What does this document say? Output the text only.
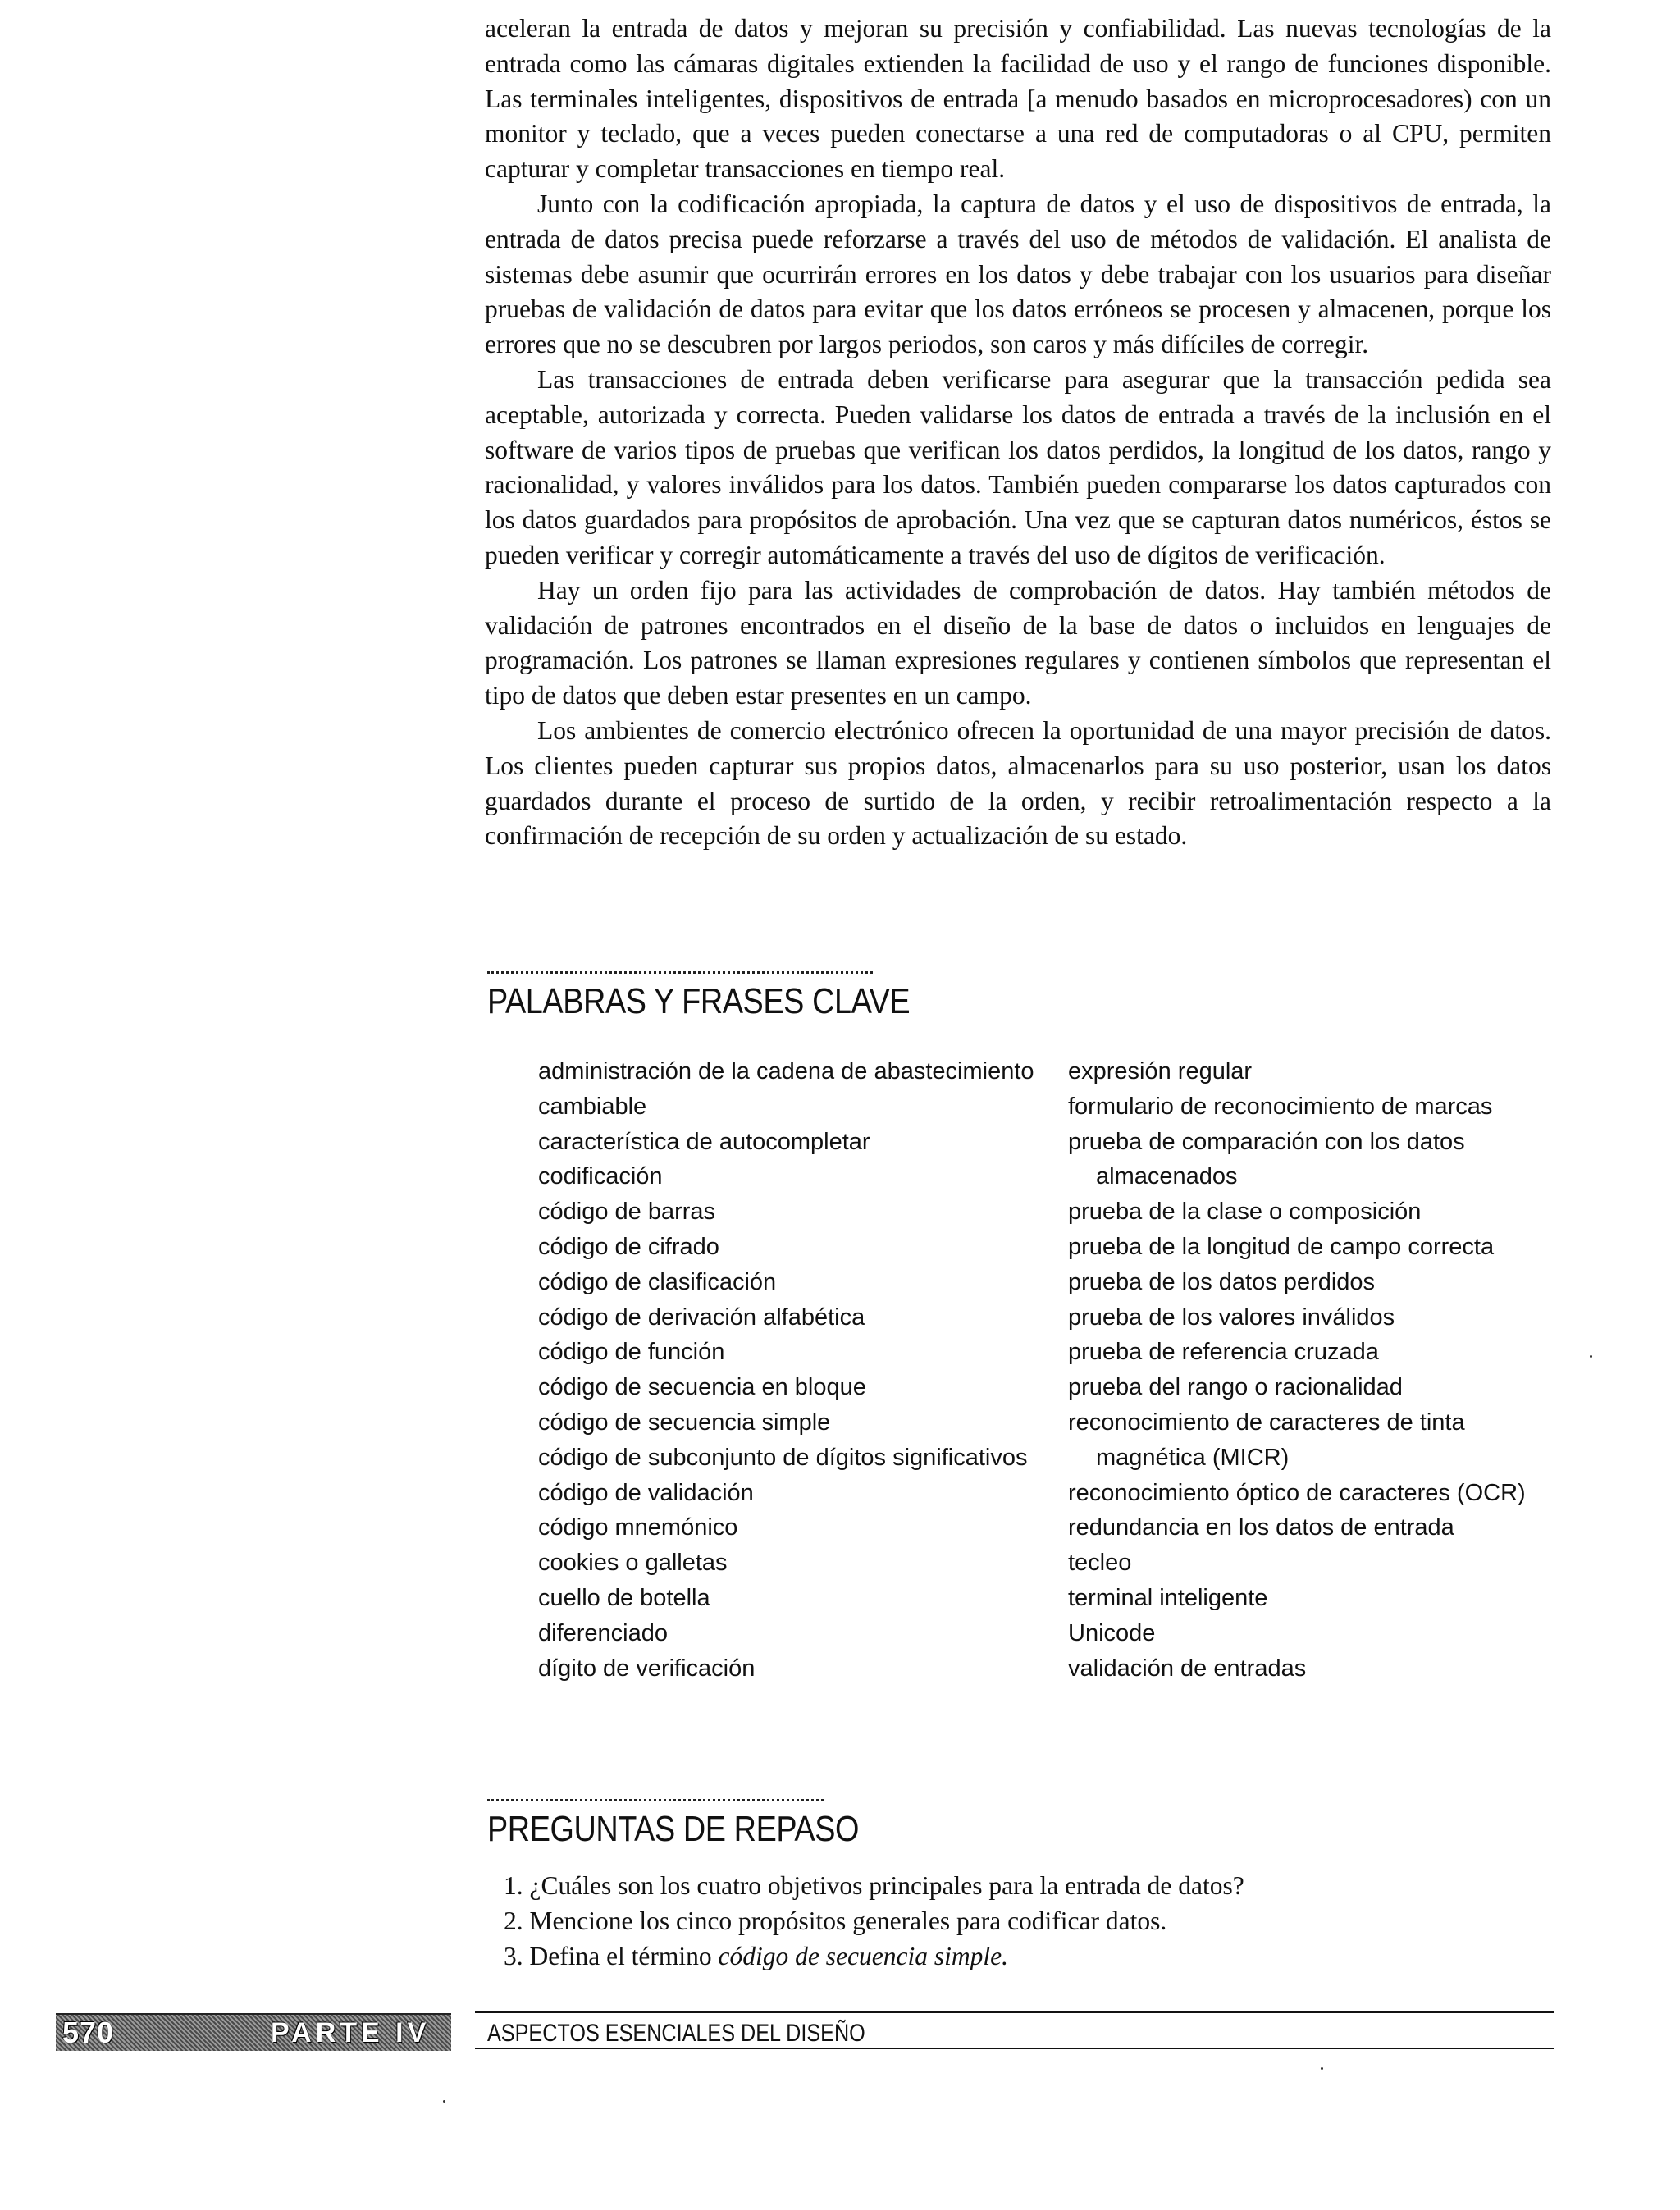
aceleran la entrada de datos y mejoran su precisión y confiabilidad. Las nuevas tecnologías de la entrada como las cámaras digitales extienden la facilidad de uso y el rango de funciones disponible. Las terminales inteligentes, dispositivos de entrada [a menudo basados en microprocesadores) con un monitor y teclado, que a veces pueden conectarse a una red de computadoras o al CPU, permiten capturar y completar transacciones en tiempo real.

Junto con la codificación apropiada, la captura de datos y el uso de dispositivos de entrada, la entrada de datos precisa puede reforzarse a través del uso de métodos de validación. El analista de sistemas debe asumir que ocurrirán errores en los datos y debe trabajar con los usuarios para diseñar pruebas de validación de datos para evitar que los datos erróneos se procesen y almacenen, porque los errores que no se descubren por largos periodos, son caros y más difíciles de corregir.

Las transacciones de entrada deben verificarse para asegurar que la transacción pedida sea aceptable, autorizada y correcta. Pueden validarse los datos de entrada a través de la inclusión en el software de varios tipos de pruebas que verifican los datos perdidos, la longitud de los datos, rango y racionalidad, y valores inválidos para los datos. También pueden compararse los datos capturados con los datos guardados para propósitos de aprobación. Una vez que se capturan datos numéricos, éstos se pueden verificar y corregir automáticamente a través del uso de dígitos de verificación.

Hay un orden fijo para las actividades de comprobación de datos. Hay también métodos de validación de patrones encontrados en el diseño de la base de datos o incluidos en lenguajes de programación. Los patrones se llaman expresiones regulares y contienen símbolos que representan el tipo de datos que deben estar presentes en un campo.

Los ambientes de comercio electrónico ofrecen la oportunidad de una mayor precisión de datos. Los clientes pueden capturar sus propios datos, almacenarlos para su uso posterior, usan los datos guardados durante el proceso de surtido de la orden, y recibir retroalimentación respecto a la confirmación de recepción de su orden y actualización de su estado.

PALABRAS Y FRASES CLAVE
administración de la cadena de abastecimiento
cambiable
característica de autocompletar
codificación
código de barras
código de cifrado
código de clasificación
código de derivación alfabética
código de función
código de secuencia en bloque
código de secuencia simple
código de subconjunto de dígitos significativos
código de validación
código mnemónico
cookies o galletas
cuello de botella
diferenciado
dígito de verificación
expresión regular
formulario de reconocimiento de marcas
prueba de comparación con los datos almacenados
prueba de la clase o composición
prueba de la longitud de campo correcta
prueba de los datos perdidos
prueba de los valores inválidos
prueba de referencia cruzada
prueba del rango o racionalidad
reconocimiento de caracteres de tinta magnética (MICR)
reconocimiento óptico de caracteres (OCR)
redundancia en los datos de entrada
tecleo
terminal inteligente
Unicode
validación de entradas
PREGUNTAS DE REPASO
1. ¿Cuáles son los cuatro objetivos principales para la entrada de datos?
2. Mencione los cinco propósitos generales para codificar datos.
3. Defina el término código de secuencia simple.
570	PARTE IV ASPECTOS ESENCIALES DEL DISEÑO
